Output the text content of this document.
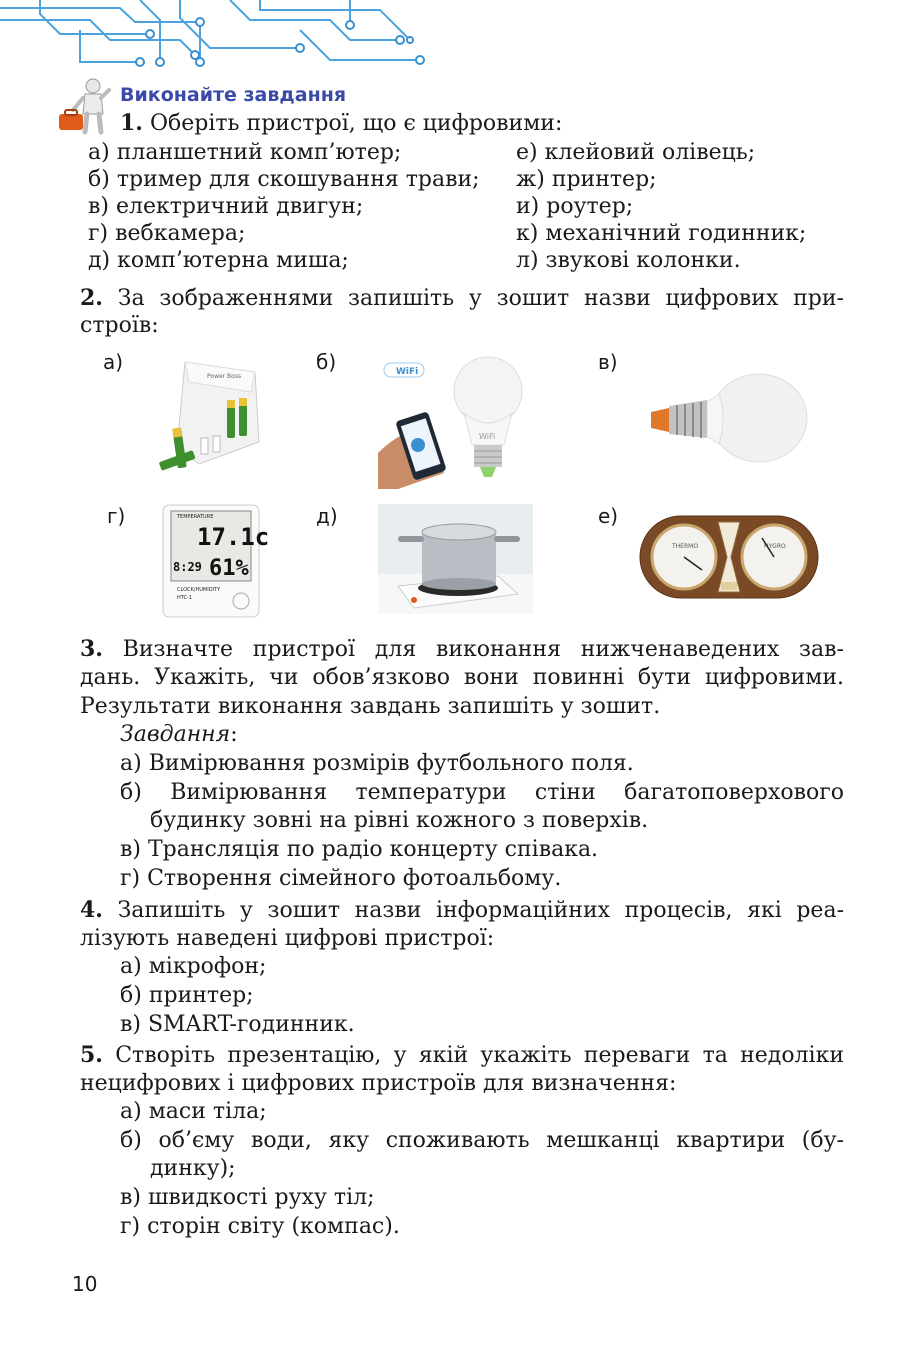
Виконайте завдання
1. Оберіть пристрої, що є цифровими:
а) планшетний комп’ютер;
б) тример для скошування трави;
в) електричний двигун;
г) вебкамера;
д) комп’ютерна миша;
е) клейовий олівець;
ж) принтер;
и) роутер;
к) механічний годинник;
л) звукові колонки.
2. За зображеннями запишіть у зошит назви цифрових при-
строїв:
а)	б)	в)
г)	д)	е)
Power Boss	WiFi
WiFi
TEMPERATURE
17.1c
8:29 61%
CLOCK/HUMIDITY
HTC-1
THERMO	HYGRO
3. Визначте пристрої для виконання нижченаведених зав-
дань. Укажіть, чи обов’язково вони повинні бути цифровими.
Результати виконання завдань запишіть у зошит.
Завдання:
а) Вимірювання розмірів футбольного поля.
б) Вимірювання температури стіни багатоповерхового
будинку зовні на рівні кожного з поверхів.
в) Трансляція по радіо концерту співака.
г) Створення сімейного фотоальбому.
4. Запишіть у зошит назви інформаційних процесів, які реа-
лізують наведені цифрові пристрої:
а) мікрофон;
б) принтер;
в) SMART-годинник.
5. Створіть презентацію, у якій укажіть переваги та недоліки
нецифрових і цифрових пристроїв для визначення:
а) маси тіла;
б) об’єму води, яку споживають мешканці квартири (бу-
динку);
в) швидкості руху тіл;
г) сторін світу (компас).
10
